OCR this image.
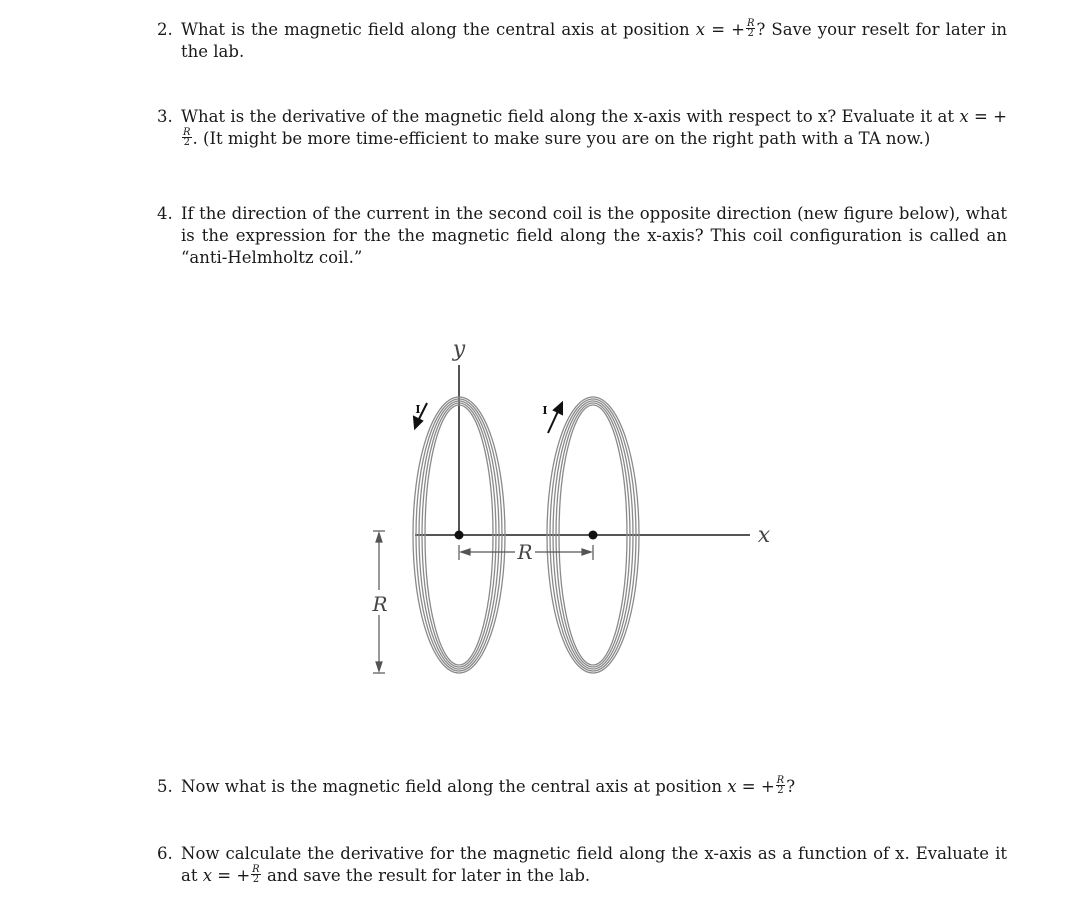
2. What is the magnetic field along the central axis at position x = + $\frac{R}{2}$ ? Save your reselt for later in the lab.
3. What is the derivative of the magnetic field along the x-axis with respect to x? Evaluate it at x = +
$\frac{R}{2}$ . (It might be more time-efficient to make sure you are on the right path with a TA now.)
4. If the direction of the current in the second coil is the opposite direction (new figure below), what is the expression for the the magnetic field along the x-axis? This coil configuration is called an “anti-Helmholtz coil.”
R
R
y
x
I	I
5. Now what is the magnetic field along the central axis at position x = + $\frac{R}{2}$ ?
6. Now calculate the derivative for the magnetic field along the x-axis as a function of x. Evaluate it at x = + $\frac{R}{2}$ and save the result for later in the lab.
